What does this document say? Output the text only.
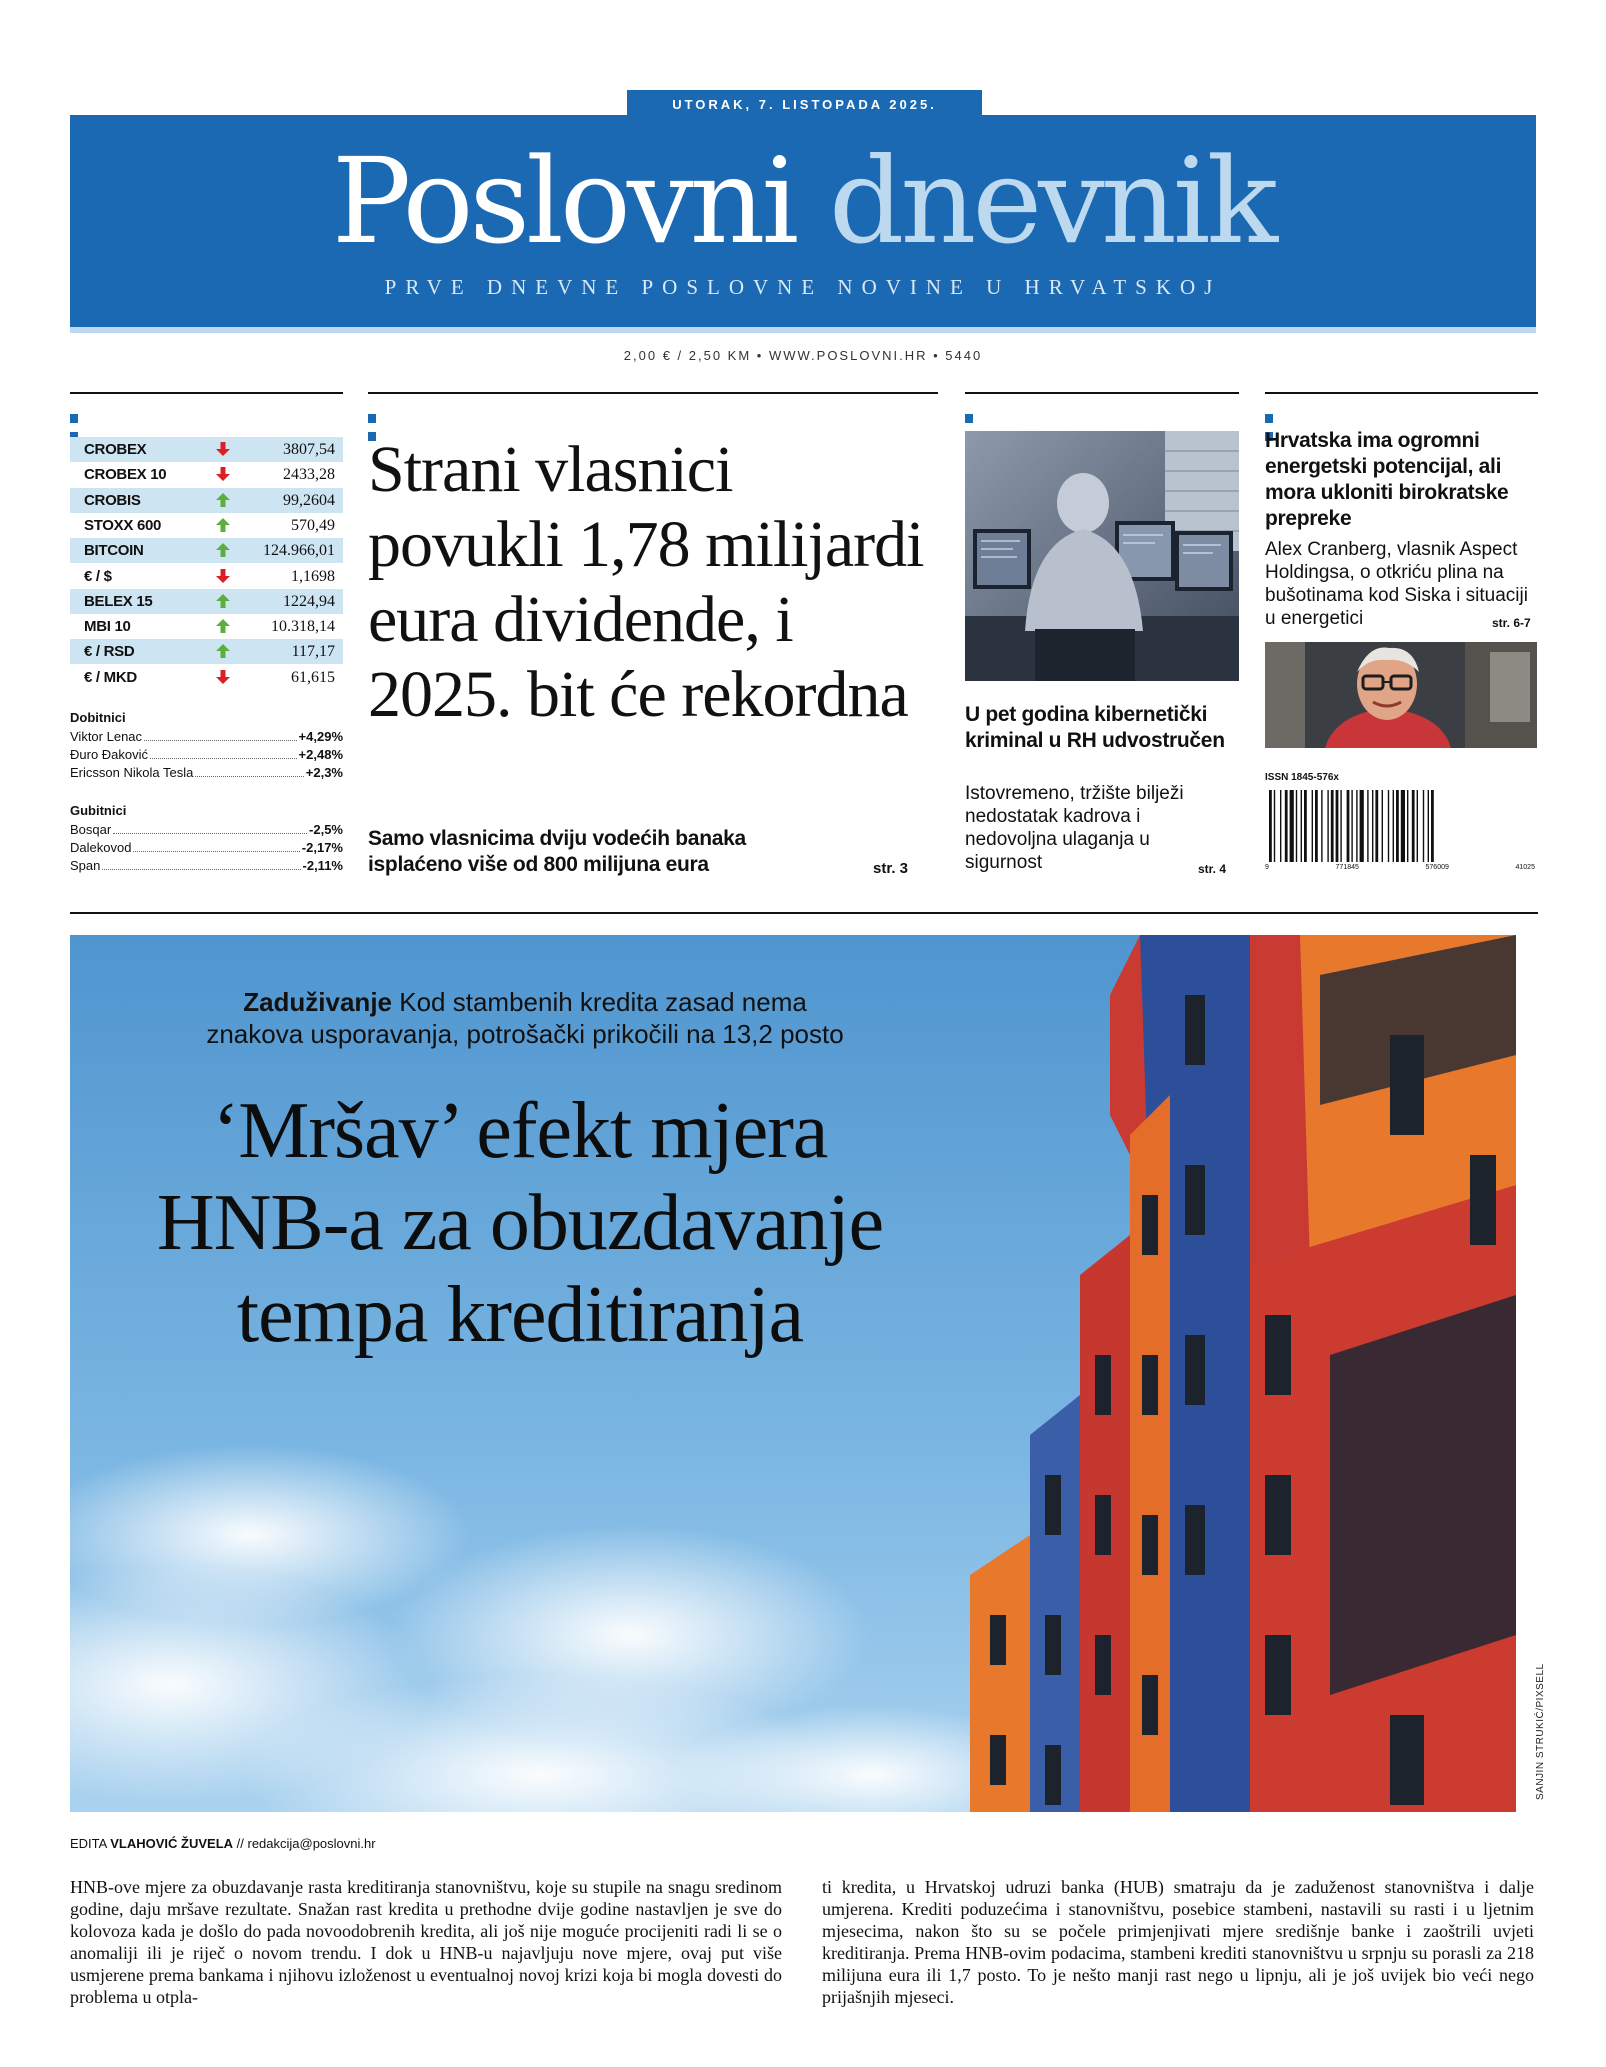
Poslovni dnevnik
PRVE DNEVNE POSLOVNE NOVINE U HRVATSKOJ
UTORAK, 7. LISTOPADA 2025.
2,00 € / 2,50 KM • WWW.POSLOVNI.HR • 5440
CROBEX	3807,54
CROBEX 10	2433,28
CROBIS	99,2604
STOXX 600	570,49
BITCOIN	124.966,01
€ / $	1,1698
BELEX 15	1224,94
MBI 10	10.318,14
€ / RSD	117,17
€ / MKD	61,615
Dobitnici
Viktor Lenac	+4,29%
Đuro Đaković	+2,48%
Ericsson Nikola Tesla	+2,3%
Gubitnici
Bosqar	-2,5%
Dalekovod	-2,17%
Span	-2,11%
Strani vlasnici povukli 1,78 milijardi eura dividende, i 2025. bit će rekordna
Samo vlasnicima dviju vodećih banaka isplaćeno više od 800 milijuna eura	str. 3
U pet godina kibernetički kriminal u RH udvostručen
Istovremeno, tržište bilježi nedostatak kadrova i nedovoljna ulaganja u sigurnost	str. 4
Hrvatska ima ogromni energetski potencijal, ali mora ukloniti birokratske prepreke
Alex Cranberg, vlasnik Aspect Holdingsa, o otkriću plina na bušotinama kod Siska i situaciji u energetici	str. 6-7
ISSN 1845-576x
9	771845	576009	41025
Zaduživanje Kod stambenih kredita zasad nema znakova usporavanja, potrošački prikočili na 13,2 posto
‘Mršav’ efekt mjera HNB-a za obuzdavanje tempa kreditiranja
SANJIN STRUKIĆ/PIXSELL
EDITA VLAHOVIĆ ŽUVELA // redakcija@poslovni.hr
HNB-ove mjere za obuzdavanje rasta kreditiranja stanovništvu, koje su stupile na snagu sredinom godine, daju mršave rezultate. Snažan rast kredita u prethodne dvije godine nastavljen je sve do kolovoza kada je došlo do pada novoodobrenih kredita, ali još nije moguće procijeniti radi li se o anomaliji ili je riječ o novom trendu. I dok u HNB-u najavljuju nove mjere, ovaj put više usmjerene prema bankama i njihovu izloženost u eventualnoj novoj krizi koja bi mogla dovesti do problema u otpla-
ti kredita, u Hrvatskoj udruzi banka (HUB) smatraju da je zaduženost stanovništva i dalje umjerena. Krediti poduzećima i stanovništvu, posebice stambeni, nastavili su rasti i u ljetnim mjesecima, nakon što su se počele primjenjivati mjere središnje banke i zaoštrili uvjeti kreditiranja. Prema HNB-ovim podacima, stambeni krediti stanovništvu u srpnju su porasli za 218 milijuna eura ili 1,7 posto. To je nešto manji rast nego u lipnju, ali je još uvijek bio veći nego prijašnjih mjeseci.
